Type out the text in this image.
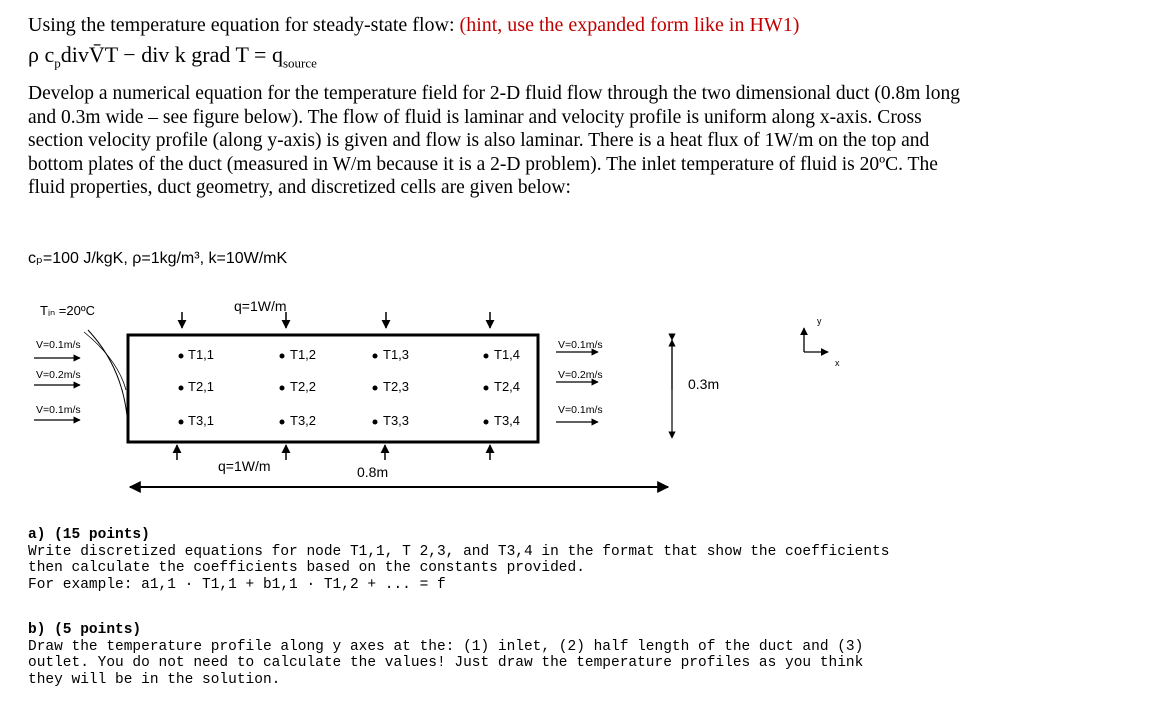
Using the temperature equation for steady-state flow: (hint, use the expanded form like in HW1)
ρ $c_pdivV̄T$ − div k grad $T = q_{source}$
Develop a numerical equation for the temperature field for 2-D fluid flow through the two dimensional duct (0.8m long and 0.3m wide – see figure below). The flow of fluid is laminar and velocity profile is uniform along x-axis. Cross section velocity profile (along y-axis) is given and flow is also laminar. There is a heat flux of 1W/m on the top and bottom plates of the duct (measured in W/m because it is a 2-D problem). The inlet temperature of fluid is 20ºC. The fluid properties, duct geometry, and discretized cells are given below:
cₚ=100 J/kgK, ρ=1kg/m³, k=10W/mK
Tᵢₙ =20ºC	q=1W/m
q=1W/m	0.8m
0.3m
y
x
V=0.1m/s
V=0.2m/s
V=0.1m/s
V=0.1m/s
V=0.2m/s
V=0.1m/s
T1,1	T1,2	T1,3	T1,4
T2,1	T2,2	T2,3	T2,4
T3,1	T3,2	T3,3	T3,4
a) (15 points)
Write discretized equations for node T1,1, T 2,3, and T3,4 in the format that show the coefficients
then calculate the coefficients based on the constants provided.
For example: a1,1 · T1,1 + b1,1 · T1,2 + ... = f
b) (5 points)
Draw the temperature profile along y axes at the: (1) inlet, (2) half length of the duct and (3)
outlet. You do not need to calculate the values! Just draw the temperature profiles as you think
they will be in the solution.
